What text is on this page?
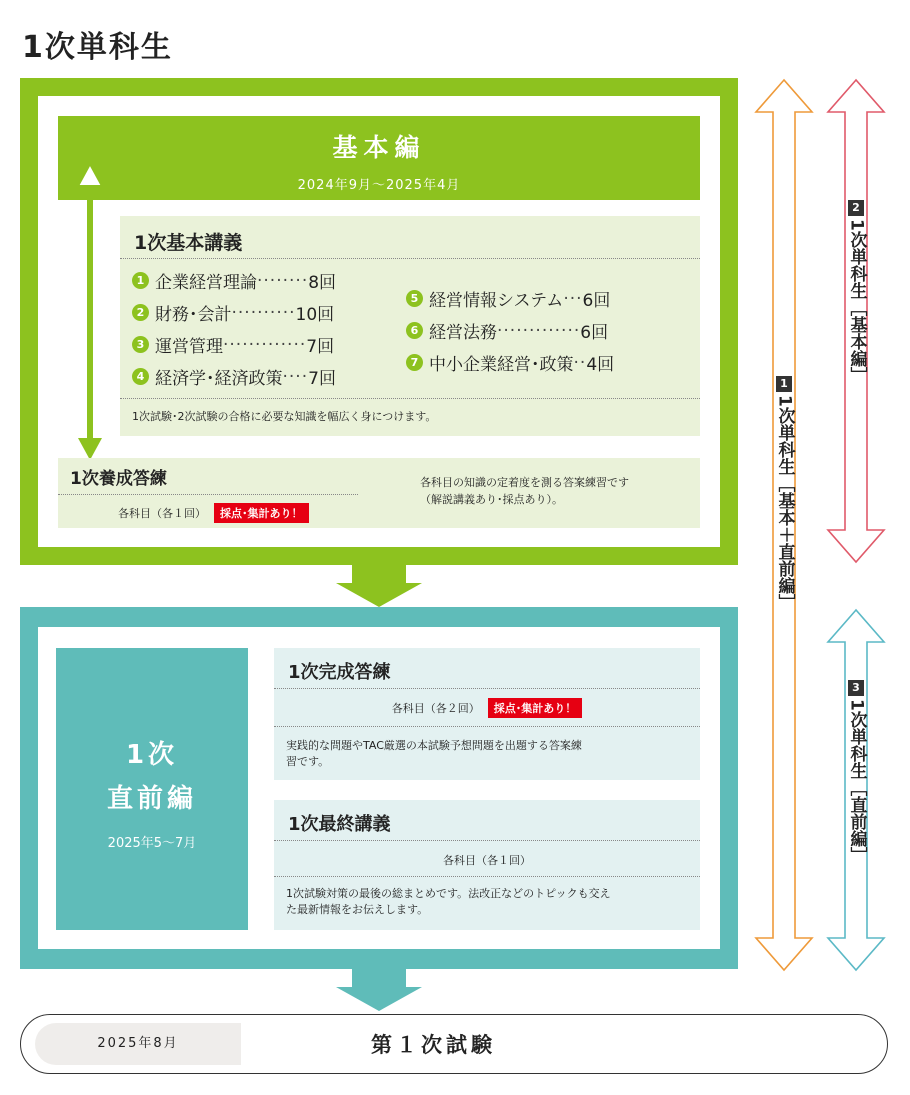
1次単科生
基本編
2024年9月～2025年4月
1次基本講義
1 企業経営理論 ········ 8回
2 財務･会計 ·········· 10回
3 運営管理 ············· 7回
4 経済学･経済政策 ···· 7回
5 経営情報システム ··· 6回
6 経営法務 ············· 6回
7 中小企業経営･政策 ·· 4回
1次試験･2次試験の合格に必要な知識を幅広く身につけます。
1次養成答練
各科目（各１回） 採点･集計あり！
各科目の知識の定着度を測る答案練習です
（解説講義あり･採点あり）。
1次
直前編
2025年5～7月
1次完成答練
各科目（各２回） 採点･集計あり！
実践的な問題やTAC厳選の本試験予想問題を出題する答案練
習です。
1次最終講義
各科目（各１回）
1次試験対策の最後の総まとめです。法改正などのトピックも交え
た最新情報をお伝えします。
2025年8月	第１次試験
1
1次単科生［基本＋直前編］
2
1次単科生［基本編］
3
1次単科生［直前編］
